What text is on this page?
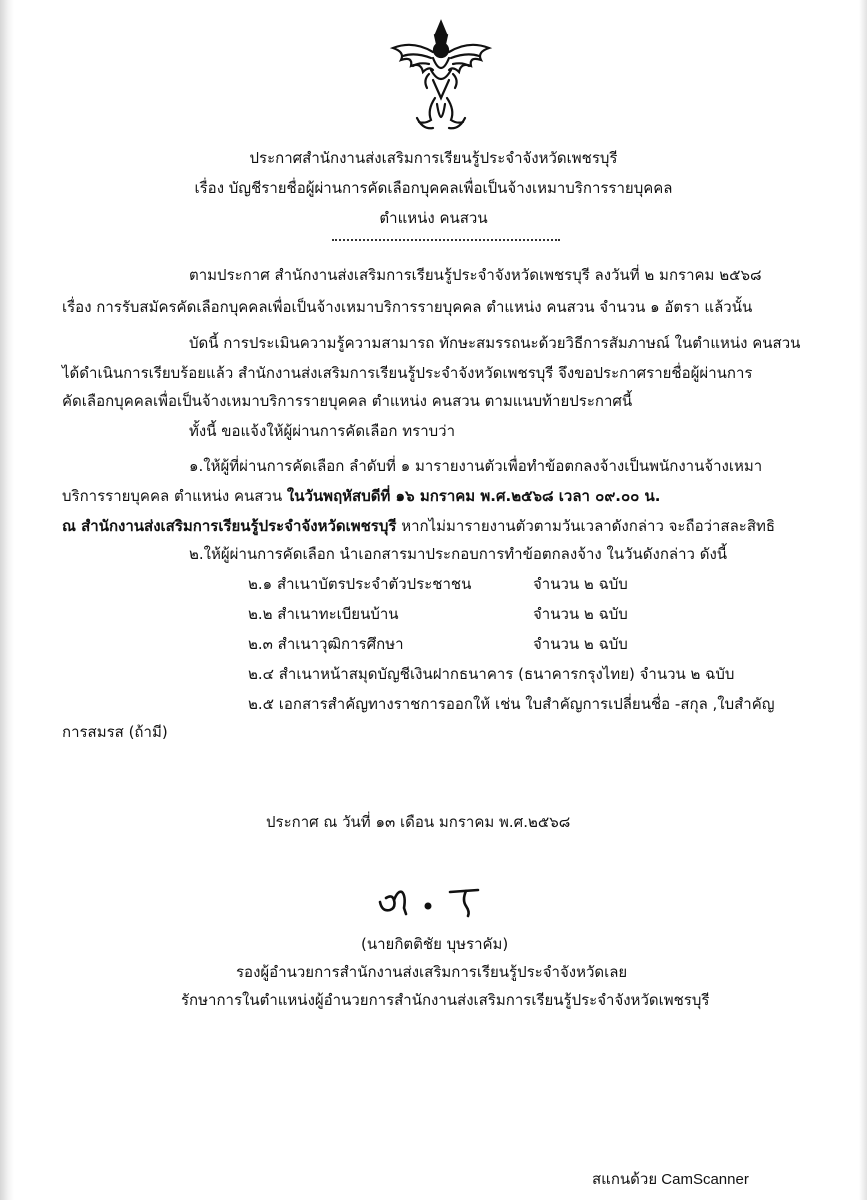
ประกาศสำนักงานส่งเสริมการเรียนรู้ประจำจังหวัดเพชรบุรี
เรื่อง บัญชีรายชื่อผู้ผ่านการคัดเลือกบุคคลเพื่อเป็นจ้างเหมาบริการรายบุคคล
ตำแหน่ง คนสวน
ตามประกาศ สำนักงานส่งเสริมการเรียนรู้ประจำจังหวัดเพชรบุรี ลงวันที่ ๒ มกราคม ๒๕๖๘
เรื่อง การรับสมัครคัดเลือกบุคคลเพื่อเป็นจ้างเหมาบริการรายบุคคล ตำแหน่ง คนสวน จำนวน ๑ อัตรา แล้วนั้น
บัดนี้ การประเมินความรู้ความสามารถ ทักษะสมรรถนะด้วยวิธีการสัมภาษณ์ ในตำแหน่ง คนสวน
ได้ดำเนินการเรียบร้อยแล้ว สำนักงานส่งเสริมการเรียนรู้ประจำจังหวัดเพชรบุรี จึงขอประกาศรายชื่อผู้ผ่านการ
คัดเลือกบุคคลเพื่อเป็นจ้างเหมาบริการรายบุคคล ตำแหน่ง คนสวน ตามแนบท้ายประกาศนี้
ทั้งนี้ ขอแจ้งให้ผู้ผ่านการคัดเลือก ทราบว่า
๑.ให้ผู้ที่ผ่านการคัดเลือก ลำดับที่ ๑ มารายงานตัวเพื่อทำข้อตกลงจ้างเป็นพนักงานจ้างเหมา
บริการรายบุคคล ตำแหน่ง คนสวน ในวันพฤหัสบดีที่ ๑๖ มกราคม พ.ศ.๒๕๖๘ เวลา ๐๙.๐๐ น.
ณ สำนักงานส่งเสริมการเรียนรู้ประจำจังหวัดเพชรบุรี หากไม่มารายงานตัวตามวันเวลาดังกล่าว จะถือว่าสละสิทธิ
๒.ให้ผู้ผ่านการคัดเลือก นำเอกสารมาประกอบการทำข้อตกลงจ้าง ในวันดังกล่าว ดังนี้
๒.๑ สำเนาบัตรประจำตัวประชาชน	จำนวน ๒ ฉบับ
๒.๒ สำเนาทะเบียนบ้าน	จำนวน ๒ ฉบับ
๒.๓ สำเนาวุฒิการศึกษา	จำนวน ๒ ฉบับ
๒.๔ สำเนาหน้าสมุดบัญชีเงินฝากธนาคาร (ธนาคารกรุงไทย) จำนวน ๒ ฉบับ
๒.๕ เอกสารสำคัญทางราชการออกให้ เช่น ใบสำคัญการเปลี่ยนชื่อ -สกุล ,ใบสำคัญ
การสมรส (ถ้ามี)
ประกาศ ณ วันที่ ๑๓ เดือน มกราคม พ.ศ.๒๕๖๘
(นายกิตติชัย บุษราคัม)
รองผู้อำนวยการสำนักงานส่งเสริมการเรียนรู้ประจำจังหวัดเลย
รักษาการในตำแหน่งผู้อำนวยการสำนักงานส่งเสริมการเรียนรู้ประจำจังหวัดเพชรบุรี
สแกนด้วย CamScanner
